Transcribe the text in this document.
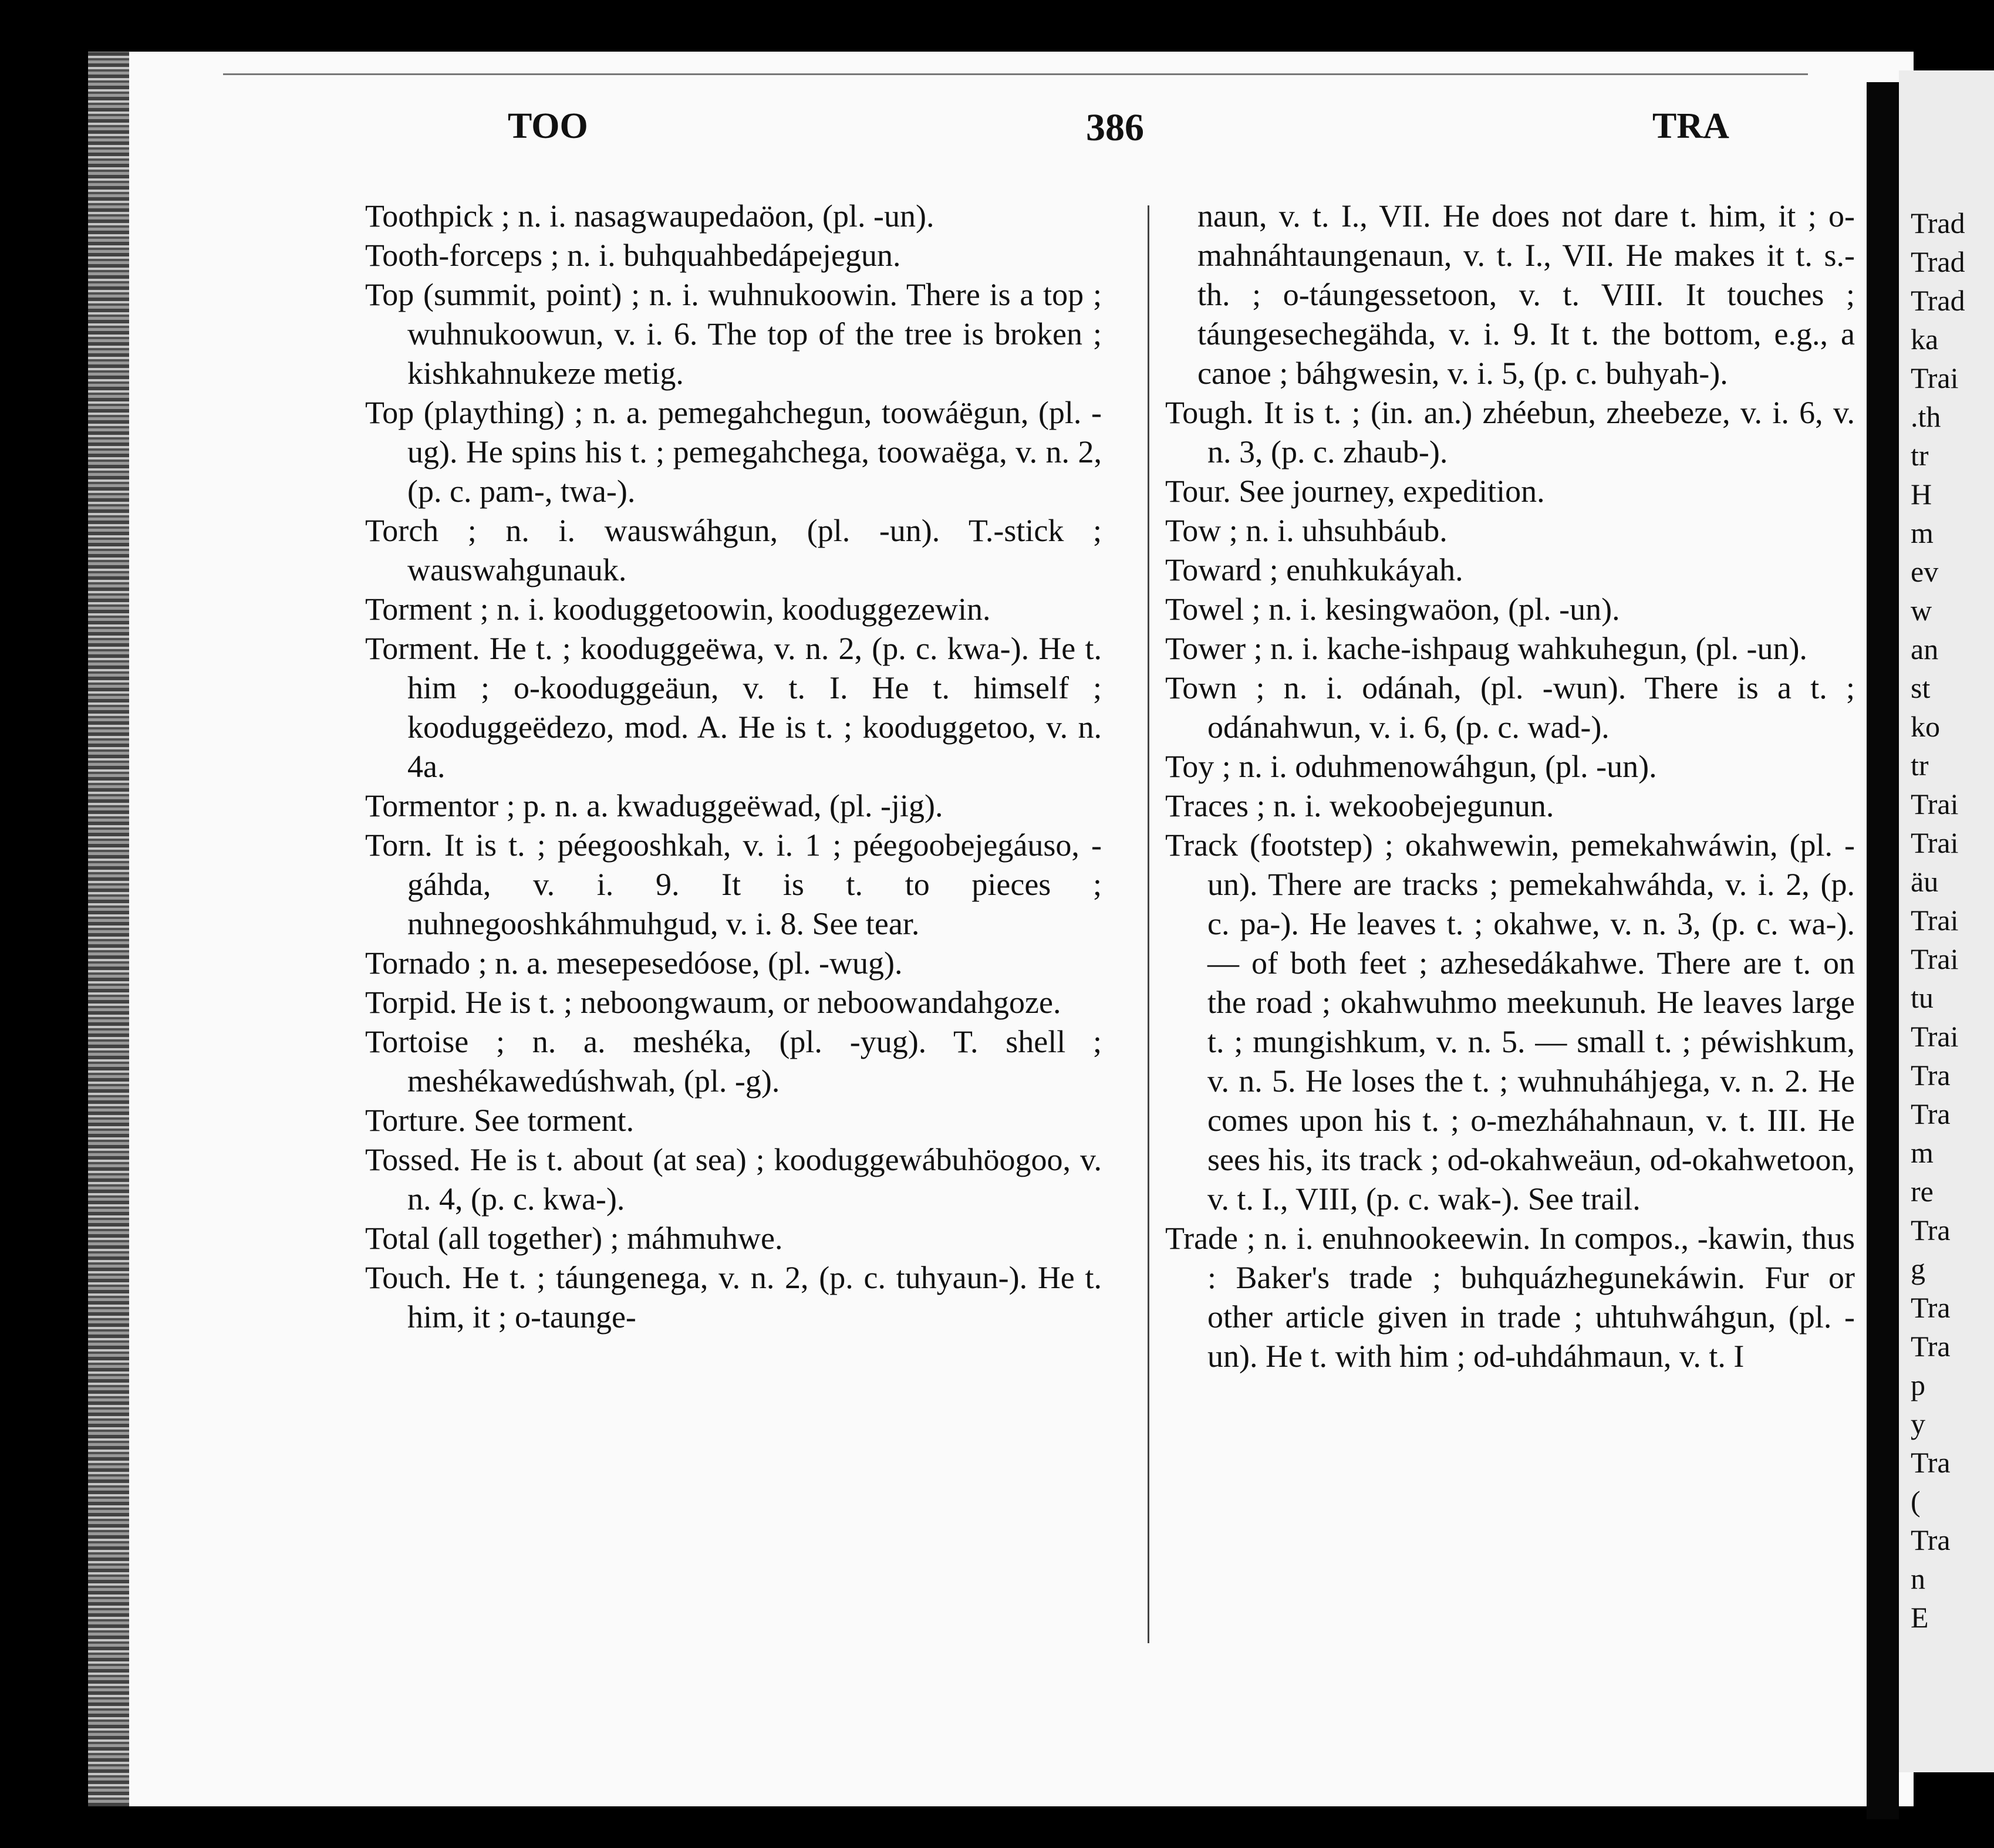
TOO	386	TRA

Toothpick ; n. i. nasagwaupedaöon, (pl. -un).

Tooth-forceps ; n. i. buhquahbedápejegun.

Top (summit, point) ; n. i. wuhnukoowin. There is a top ; wuhnukoowun, v. i. 6. The top of the tree is broken ; kishkahnukeze metig.

Top (plaything) ; n. a. pemegahchegun, toowáëgun, (pl. -ug). He spins his t. ; pemegahchega, toowaëga, v. n. 2, (p. c. pam-, twa-).

Torch ; n. i. wauswáhgun, (pl. -un). T.-stick ; wauswahgunauk.

Torment ; n. i. kooduggetoowin, kooduggezewin.

Torment. He t. ; kooduggeëwa, v. n. 2, (p. c. kwa-). He t. him ; o-kooduggeäun, v. t. I. He t. himself ; kooduggeëdezo, mod. A. He is t. ; kooduggetoo, v. n. 4a.

Tormentor ; p. n. a. kwaduggeëwad, (pl. -jig).

Torn. It is t. ; péegooshkah, v. i. 1 ; péegoobejegáuso, -gáhda, v. i. 9. It is t. to pieces ; nuhnegooshkáhmuhgud, v. i. 8. See tear.

Tornado ; n. a. mesepesedóose, (pl. -wug).

Torpid. He is t. ; neboongwaum, or neboowandahgoze.

Tortoise ; n. a. meshéka, (pl. -yug). T. shell ; meshékawedúshwah, (pl. -g).

Torture. See torment.

Tossed. He is t. about (at sea) ; kooduggewábuhöogoo, v. n. 4, (p. c. kwa-).

Total (all together) ; máhmuhwe.

Touch. He t. ; táungenega, v. n. 2, (p. c. tuhyaun-). He t. him, it ; o-taunge-

naun, v. t. I., VII. He does not dare t. him, it ; o-mahnáhtaungenaun, v. t. I., VII. He makes it t. s.-th. ; o-táungessetoon, v. t. VIII. It touches ; táungesechegähda, v. i. 9. It t. the bottom, e.g., a canoe ; báhgwesin, v. i. 5, (p. c. buhyah-).

Tough. It is t. ; (in. an.) zhéebun, zheebeze, v. i. 6, v. n. 3, (p. c. zhaub-).

Tour. See journey, expedition.

Tow ; n. i. uhsuhbáub.

Toward ; enuhkukáyah.

Towel ; n. i. kesingwaöon, (pl. -un).

Tower ; n. i. kache-ishpaug wahkuhegun, (pl. -un).

Town ; n. i. odánah, (pl. -wun). There is a t. ; odánahwun, v. i. 6, (p. c. wad-).

Toy ; n. i. oduhmenowáhgun, (pl. -un).

Traces ; n. i. wekoobejegunun.

Track (footstep) ; okahwewin, pemekahwáwin, (pl. -un). There are tracks ; pemekahwáhda, v. i. 2, (p. c. pa-). He leaves t. ; okahwe, v. n. 3, (p. c. wa-). — of both feet ; azhesedákahwe. There are t. on the road ; okahwuhmo meekunuh. He leaves large t. ; mungishkum, v. n. 5. — small t. ; péwishkum, v. n. 5. He loses the t. ; wuhnuháhjega, v. n. 2. He comes upon his t. ; o-mezháhahnaun, v. t. III. He sees his, its track ; od-okahweäun, od-okahwetoon, v. t. I., VIII, (p. c. wak-). See trail.

Trade ; n. i. enuhnookeewin. In compos., -kawin, thus : Baker's trade ; buhquázhegunekáwin. Fur or other article given in trade ; uhtuhwáhgun, (pl. -un). He t. with him ; od-uhdáhmaun, v. t. I

Trad
Trad
Trad
ka
Trai
.th
tr
H
m
ev
w
an
st
ko
tr
Trai
Trai
äu
Trai
Trai
tu
Trai
Tra
Tra
m
re
Tra
g
Tra
Tra
p
y
Tra
(
Tra
n
E
